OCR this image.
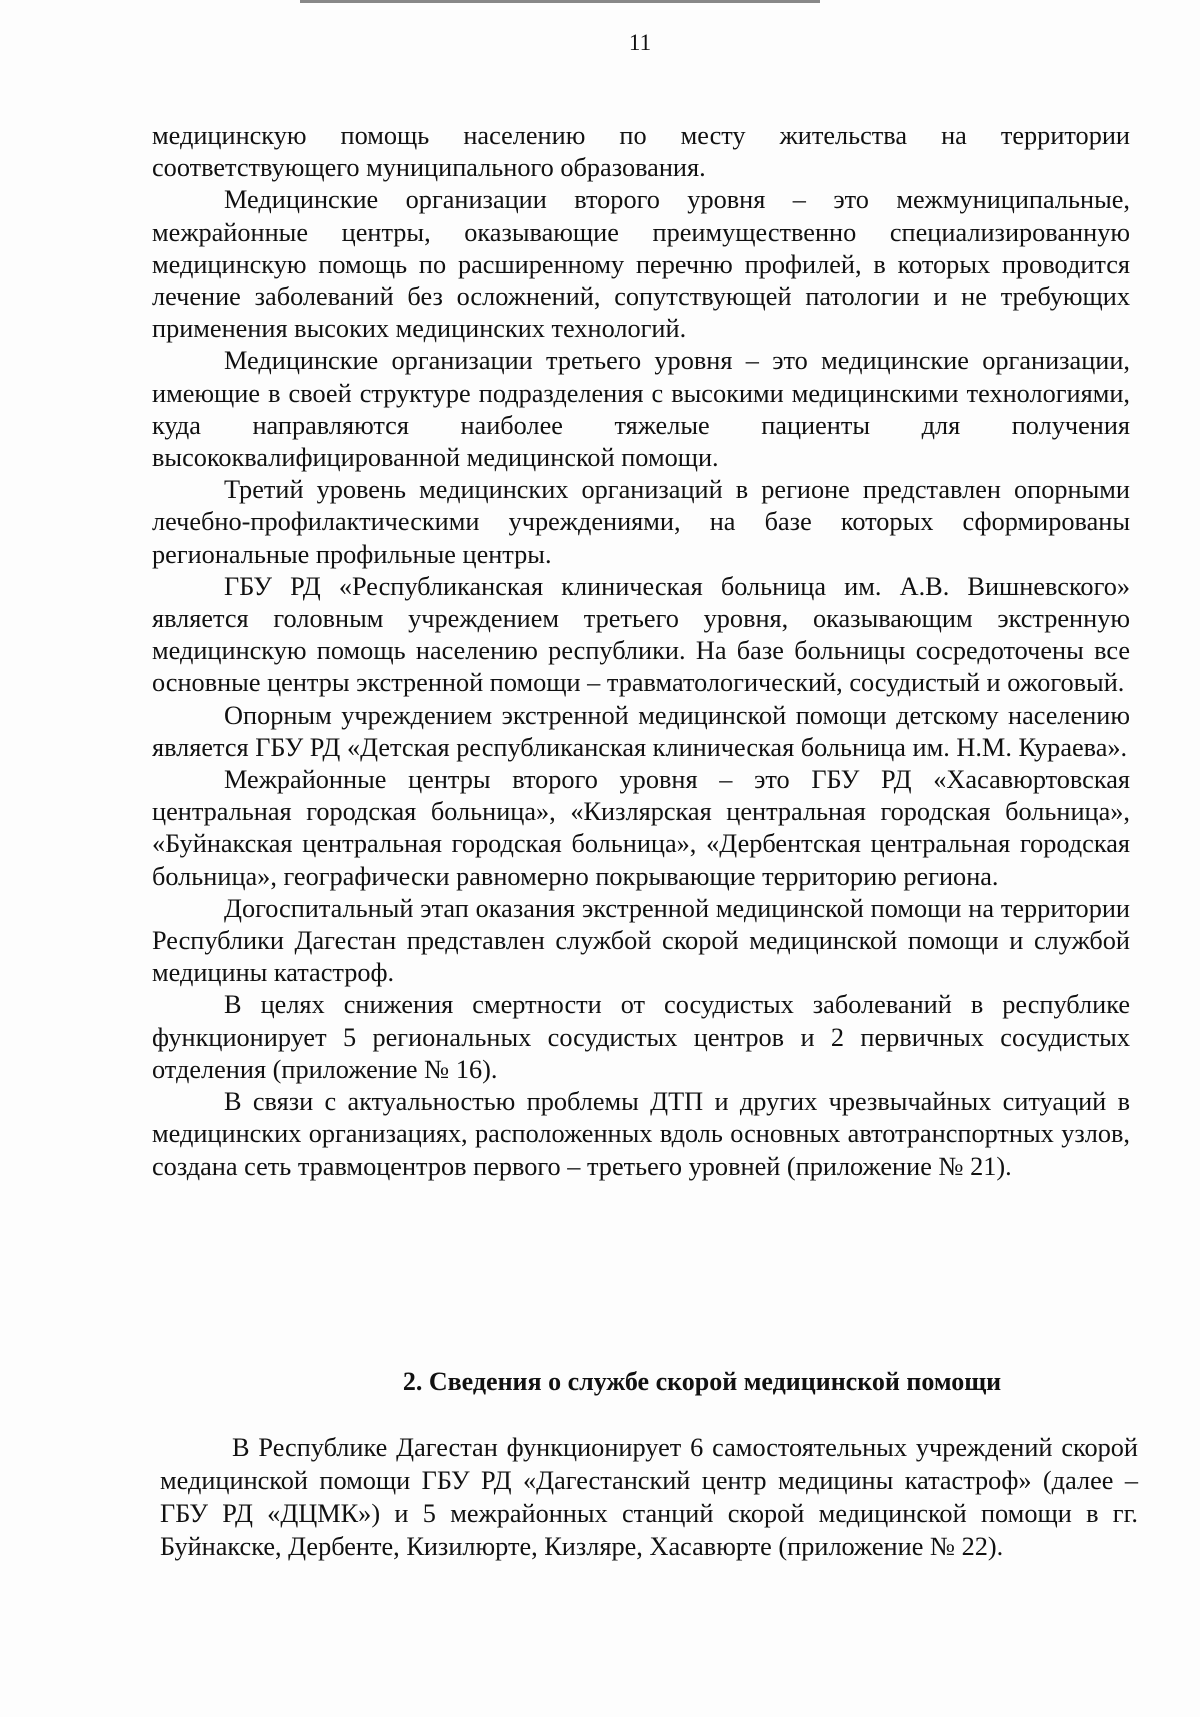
11

медицинскую помощь населению по месту жительства на территории соответствующего муниципального образования.

Медицинские организации второго уровня – это межмуниципальные, межрайонные центры, оказывающие преимущественно специализированную медицинскую помощь по расширенному перечню профилей, в которых проводится лечение заболеваний без осложнений, сопутствующей патологии и не требующих применения высоких медицинских технологий.

Медицинские организации третьего уровня – это медицинские организации, имеющие в своей структуре подразделения с высокими медицинскими технологиями, куда направляются наиболее тяжелые пациенты для получения высококвалифицированной медицинской помощи.

Третий уровень медицинских организаций в регионе представлен опорными лечебно-профилактическими учреждениями, на базе которых сформированы региональные профильные центры.

ГБУ РД «Республиканская клиническая больница им. А.В. Вишневского» является головным учреждением третьего уровня, оказывающим экстренную медицинскую помощь населению республики. На базе больницы сосредоточены все основные центры экстренной помощи – травматологический, сосудистый и ожоговый.

Опорным учреждением экстренной медицинской помощи детскому населению является ГБУ РД «Детская республиканская клиническая больница им. Н.М. Кураева».

Межрайонные центры второго уровня – это ГБУ РД «Хасавюртовская центральная городская больница», «Кизлярская центральная городская больница», «Буйнакская центральная городская больница», «Дербентская центральная городская больница», географически равномерно покрывающие территорию региона.

Догоспитальный этап оказания экстренной медицинской помощи на территории Республики Дагестан представлен службой скорой медицинской помощи и службой медицины катастроф.

В целях снижения смертности от сосудистых заболеваний в республике функционирует 5 региональных сосудистых центров и 2 первичных сосудистых отделения (приложение № 16).

В связи с актуальностью проблемы ДТП и других чрезвычайных ситуаций в медицинских организациях, расположенных вдоль основных автотранспортных узлов, создана сеть травмоцентров первого – третьего уровней (приложение № 21).

2. Сведения о службе скорой медицинской помощи

В Республике Дагестан функционирует 6 самостоятельных учреждений скорой медицинской помощи ГБУ РД «Дагестанский центр медицины катастроф» (далее – ГБУ РД «ДЦМК») и 5 межрайонных станций скорой медицинской помощи в гг. Буйнакске, Дербенте, Кизилюрте, Кизляре, Хасавюрте (приложение № 22).
